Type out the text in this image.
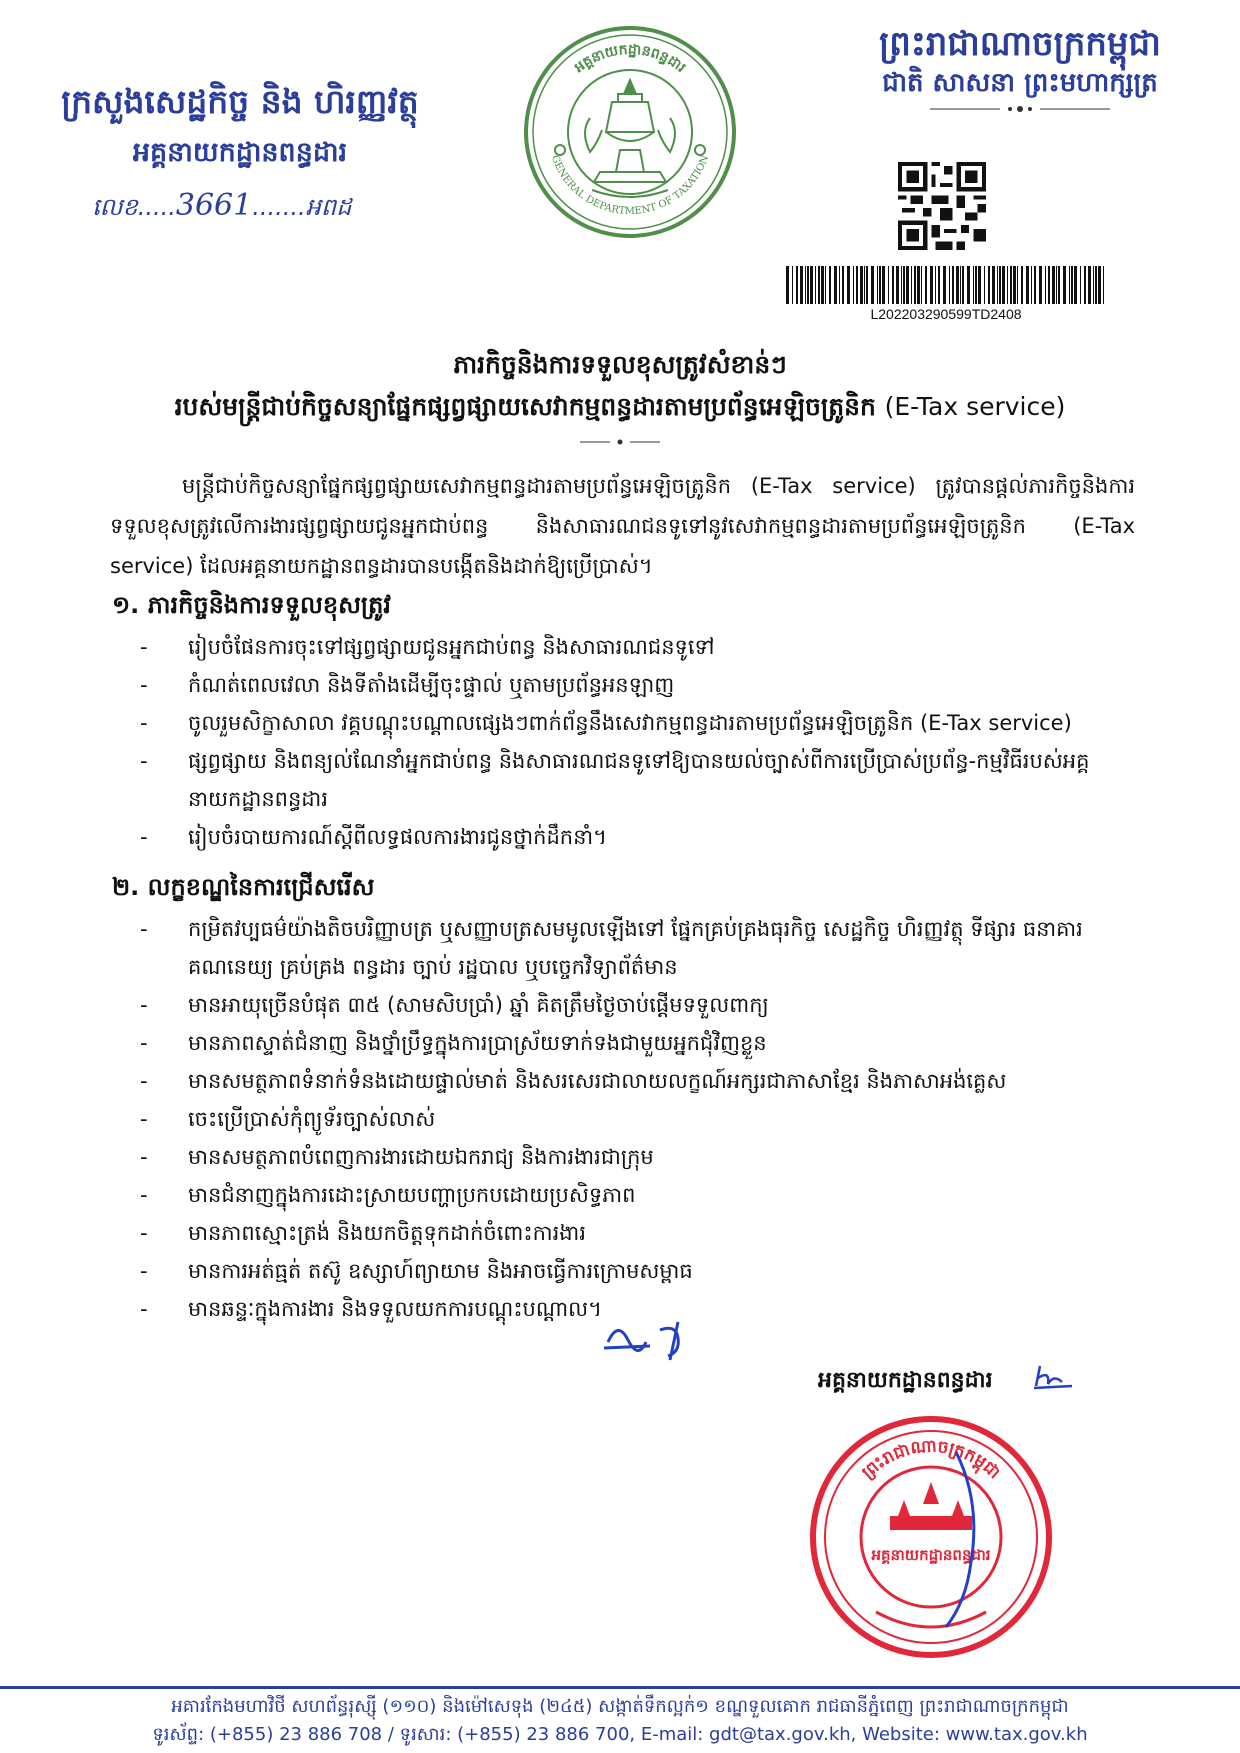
ក្រសួងសេដ្ឋកិច្ច និង ហិរញ្ញវត្ថុ
អគ្គនាយកដ្ឋានពន្ធដារ
លេខ.....3661.......អពដ
អគ្គនាយកដ្ឋានពន្ធដារ
GENERAL DEPARTMENT OF TAXATION
ព្រះរាជាណាចក្រកម្ពុជា
ជាតិ សាសនា ព្រះមហាក្សត្រ
L202203290599TD2408
ភារកិច្ចនិងការទទួលខុសត្រូវសំខាន់ៗ
របស់មន្ត្រីជាប់កិច្ចសន្យាផ្នែកផ្សព្វផ្សាយសេវាកម្មពន្ធដារតាមប្រព័ន្ធអេឡិចត្រូនិក (E-Tax service)
មន្ត្រីជាប់កិច្ចសន្យាផ្នែកផ្សព្វផ្សាយសេវាកម្មពន្ធដារតាមប្រព័ន្ធអេឡិចត្រូនិក (E-Tax service) ត្រូវបានផ្តល់ភារកិច្ចនិងការទទួលខុសត្រូវលើការងារផ្សព្វផ្សាយជូនអ្នកជាប់ពន្ធ និងសាធារណជនទូទៅនូវសេវាកម្មពន្ធដារតាមប្រព័ន្ធអេឡិចត្រូនិក (E-Tax service) ដែលអគ្គនាយកដ្ឋានពន្ធដារបានបង្កើតនិងដាក់ឱ្យប្រើប្រាស់។
១. ភារកិច្ចនិងការទទួលខុសត្រូវ
- រៀបចំផែនការចុះទៅផ្សព្វផ្សាយជូនអ្នកជាប់ពន្ធ និងសាធារណជនទូទៅ
- កំណត់ពេលវេលា និងទីតាំងដើម្បីចុះផ្ទាល់ ឬតាមប្រព័ន្ធអនឡាញ
- ចូលរួមសិក្ខាសាលា វគ្គបណ្តុះបណ្តាលផ្សេងៗពាក់ព័ន្ធនឹងសេវាកម្មពន្ធដារតាមប្រព័ន្ធអេឡិចត្រូនិក (E-Tax service)
- ផ្សព្វផ្សាយ និងពន្យល់ណែនាំអ្នកជាប់ពន្ធ និងសាធារណជនទូទៅឱ្យបានយល់ច្បាស់ពីការប្រើប្រាស់ប្រព័ន្ធ-កម្មវិធីរបស់អគ្គនាយកដ្ឋានពន្ធដារ
- រៀបចំរបាយការណ៍ស្តីពីលទ្ធផលការងារជូនថ្នាក់ដឹកនាំ។
២. លក្ខខណ្ឌនៃការជ្រើសរើស
- កម្រិតវប្បធម៌យ៉ាងតិចបរិញ្ញាបត្រ ឬសញ្ញាបត្រសមមូលឡើងទៅ ផ្នែកគ្រប់គ្រងធុរកិច្ច សេដ្ឋកិច្ច ហិរញ្ញវត្ថុ ទីផ្សារ ធនាគារ គណនេយ្យ គ្រប់គ្រង ពន្ធដារ ច្បាប់ រដ្ឋបាល ឬបច្ចេកវិទ្យាព័ត៌មាន
- មានអាយុច្រើនបំផុត ៣៥ (សាមសិបប្រាំ) ឆ្នាំ គិតត្រឹមថ្ងៃចាប់ផ្តើមទទួលពាក្យ
- មានភាពស្ទាត់ជំនាញ និងថ្នាំប្រឹទ្ធក្នុងការប្រាស្រ័យទាក់ទងជាមួយអ្នកជុំវិញខ្លួន
- មានសមត្ថភាពទំនាក់ទំនងដោយផ្ទាល់មាត់ និងសរសេរជាលាយលក្ខណ៍អក្សរជាភាសាខ្មែរ និងភាសាអង់គ្លេស
- ចេះប្រើប្រាស់កុំព្យូទ័រច្បាស់លាស់
- មានសមត្ថភាពបំពេញការងារដោយឯករាជ្យ និងការងារជាក្រុម
- មានជំនាញក្នុងការដោះស្រាយបញ្ហាប្រកបដោយប្រសិទ្ធភាព
- មានភាពស្មោះត្រង់ និងយកចិត្តទុកដាក់ចំពោះការងារ
- មានការអត់ធ្មត់ តស៊ូ ឧស្សាហ៍ព្យាយាម និងអាចធ្វើការក្រោមសម្ពាធ
- មានឆន្ទៈក្នុងការងារ និងទទួលយកការបណ្តុះបណ្តាល។
អគ្គនាយកដ្ឋានពន្ធដារ
ព្រះរាជាណាចក្រកម្ពុជា
អគ្គនាយកដ្ឋានពន្ធដារ
អគារកែងមហាវិថី សហព័ន្ធរុស្ស៊ី (១១០) និងម៉ៅសេទុង (២៤៥) សង្កាត់ទឹកល្អក់១ ខណ្ឌទួលគោក រាជធានីភ្នំពេញ ព្រះរាជាណាចក្រកម្ពុជា
ទូរស័ព្ទ: (+855) 23 886 708 / ទូរសារ: (+855) 23 886 700, E-mail: gdt@tax.gov.kh, Website: www.tax.gov.kh
